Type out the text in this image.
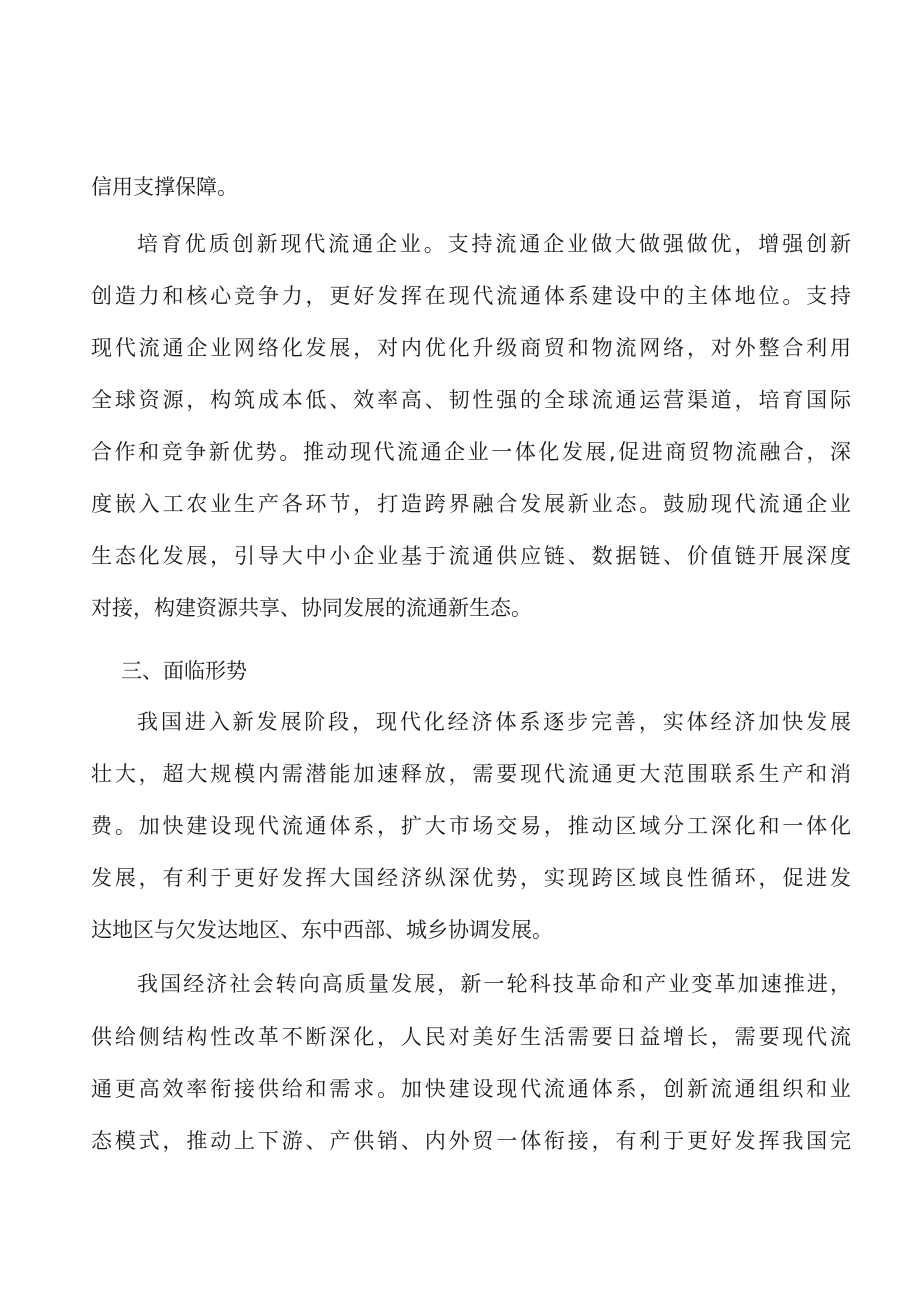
信用支撑保障。
培育优质创新现代流通企业。支持流通企业做大做强做优，增强创新
创造力和核心竞争力，更好发挥在现代流通体系建设中的主体地位。支持
现代流通企业网络化发展，对内优化升级商贸和物流网络，对外整合利用
全球资源，构筑成本低、效率高、韧性强的全球流通运营渠道，培育国际
合作和竞争新优势。推动现代流通企业一体化发展,促进商贸物流融合，深
度嵌入工农业生产各环节，打造跨界融合发展新业态。鼓励现代流通企业
生态化发展，引导大中小企业基于流通供应链、数据链、价值链开展深度
对接，构建资源共享、协同发展的流通新生态。
三、面临形势
我国进入新发展阶段，现代化经济体系逐步完善，实体经济加快发展
壮大，超大规模内需潜能加速释放，需要现代流通更大范围联系生产和消
费。加快建设现代流通体系，扩大市场交易，推动区域分工深化和一体化
发展，有利于更好发挥大国经济纵深优势，实现跨区域良性循环，促进发
达地区与欠发达地区、东中西部、城乡协调发展。
我国经济社会转向高质量发展，新一轮科技革命和产业变革加速推进，
供给侧结构性改革不断深化，人民对美好生活需要日益增长，需要现代流
通更高效率衔接供给和需求。加快建设现代流通体系，创新流通组织和业
态模式，推动上下游、产供销、内外贸一体衔接，有利于更好发挥我国完
